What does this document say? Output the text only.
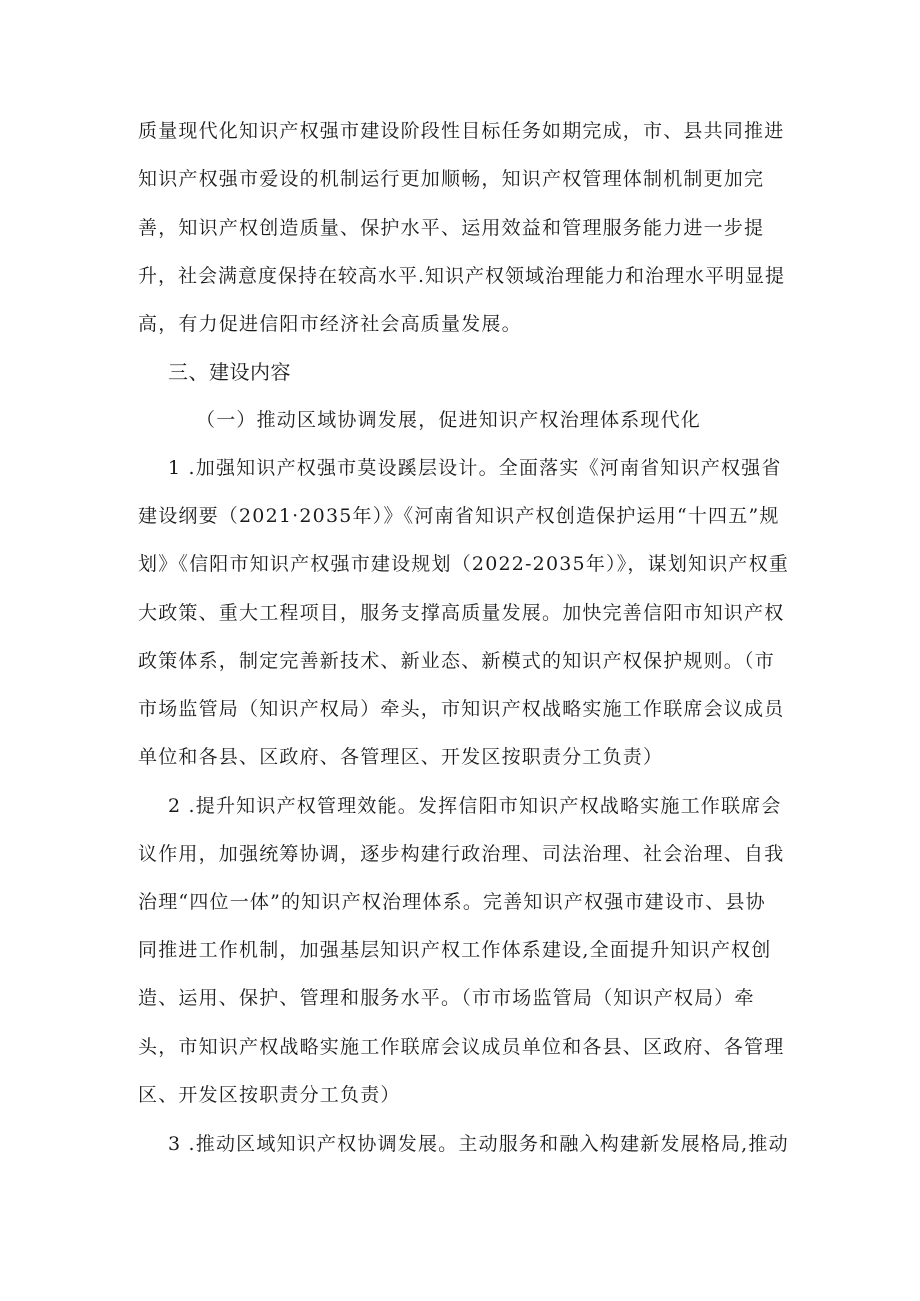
质量现代化知识产权强市建设阶段性目标任务如期完成，市、县共同推进
知识产权强市爱设的机制运行更加顺畅，知识产权管理体制机制更加完
善，知识产权创造质量、保护水平、运用效益和管理服务能力进一步提
升，社会满意度保持在较高水平.知识产权领域治理能力和治理水平明显提
高，有力促进信阳市经济社会高质量发展。
三、建设内容
（一）推动区域协调发展，促进知识产权治理体系现代化
1 .加强知识产权强市莫设蹊层设计。全面落实《河南省知识产权强省
建设纲要（2021·2035年）》《河南省知识产权创造保护运用“十四五”规
划》《信阳市知识产权强市建设规划（2022-2035年）》，谋划知识产权重
大政策、重大工程项目，服务支撑高质量发展。加快完善信阳市知识产权
政策体系，制定完善新技术、新业态、新模式的知识产权保护规则。（市
市场监管局（知识产权局）牵头，市知识产权战略实施工作联席会议成员
单位和各县、区政府、各管理区、开发区按职责分工负责）
2 .提升知识产权管理效能。发挥信阳市知识产权战略实施工作联席会
议作用，加强统筹协调，逐步构建行政治理、司法治理、社会治理、自我
治理“四位一体”的知识产权治理体系。完善知识产权强市建设市、县协
同推进工作机制，加强基层知识产权工作体系建设,全面提升知识产权创
造、运用、保护、管理和服务水平。（市市场监管局（知识产权局）牵
头，市知识产权战略实施工作联席会议成员单位和各县、区政府、各管理
区、开发区按职责分工负责）
3 .推动区域知识产权协调发展。主动服务和融入构建新发展格局,推动
